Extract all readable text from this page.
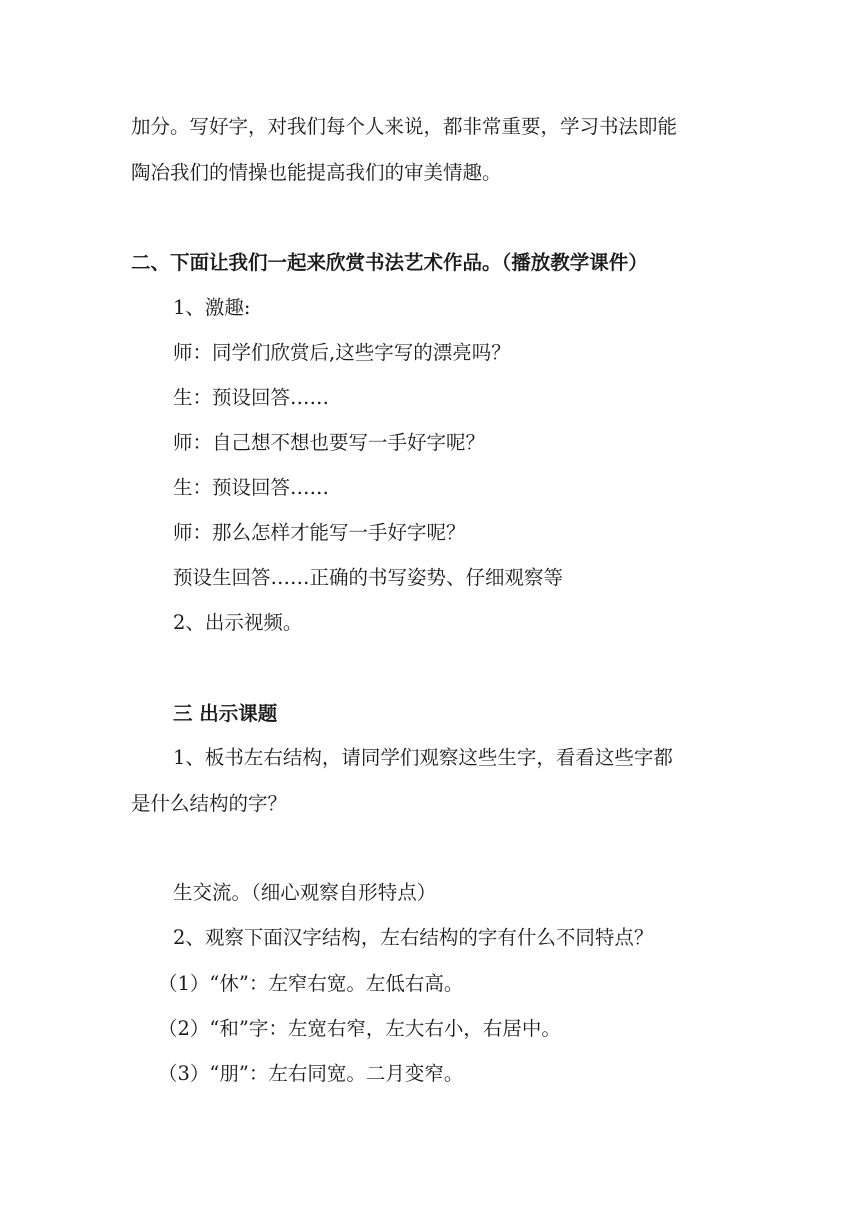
加分。写好字，对我们每个人来说，都非常重要，学习书法即能
陶冶我们的情操也能提高我们的审美情趣。
二、下面让我们一起来欣赏书法艺术作品。（播放教学课件）
1、激趣:
师：同学们欣赏后,这些字写的漂亮吗？
生：预设回答……
师：自己想不想也要写一手好字呢？
生：预设回答……
师：那么怎样才能写一手好字呢？
预设生回答……正确的书写姿势、仔细观察等
2、出示视频。
三 出示课题
1、板书左右结构，请同学们观察这些生字，看看这些字都
是什么结构的字？
生交流。（细心观察自形特点）
2、观察下面汉字结构，左右结构的字有什么不同特点？
（1）“休”：左窄右宽。左低右高。
（2）“和”字：左宽右窄，左大右小，右居中。
（3）“朋”：左右同宽。二月变窄。
